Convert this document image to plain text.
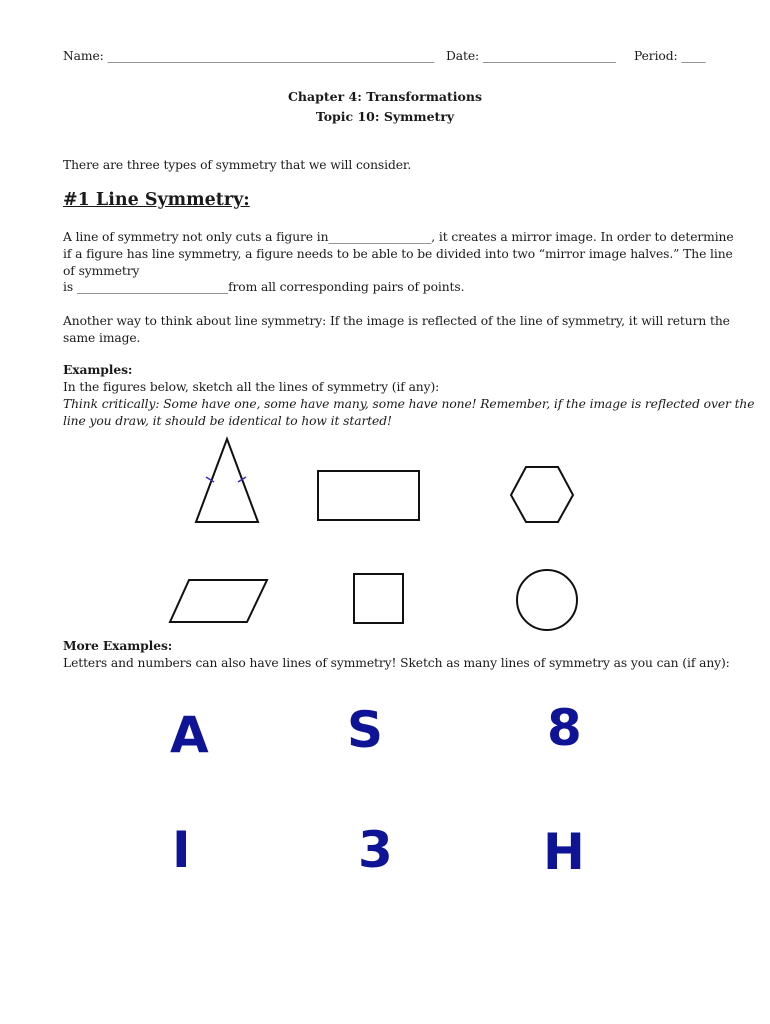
Name: ______________________________________________________ Date: ______________________ Period: ____
Chapter 4: Transformations
Topic 10: Symmetry
There are three types of symmetry that we will consider.
#1 Line Symmetry:
A line of symmetry not only cuts a figure in_________________, it creates a mirror image. In order to determine
if a figure has line symmetry, a figure needs to be able to be divided into two “mirror image halves.” The line
of symmetry
is _________________________from all corresponding pairs of points.
Another way to think about line symmetry: If the image is reflected of the line of symmetry, it will return the
same image.
Examples:
In the figures below, sketch all the lines of symmetry (if any):
Think critically: Some have one, some have many, some have none! Remember, if the image is reflected over the
line you draw, it should be identical to how it started!
More Examples:
Letters and numbers can also have lines of symmetry! Sketch as many lines of symmetry as you can (if any):
A	S	8
I	3	H
